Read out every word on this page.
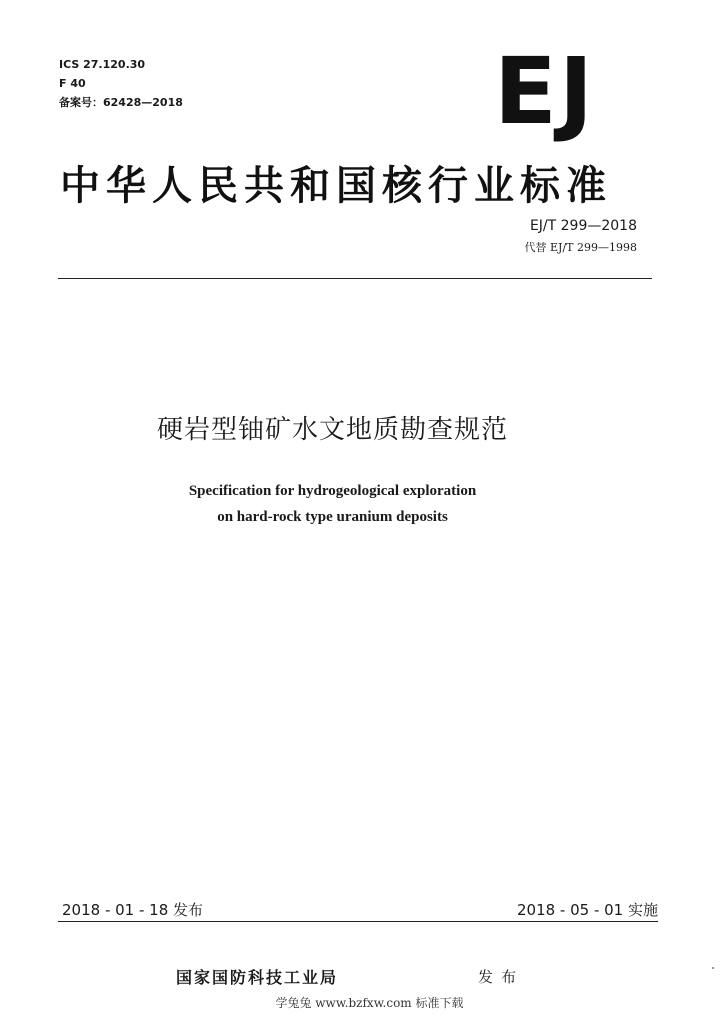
ICS 27.120.30
F 40
备案号：62428—2018	EJ
中华人民共和国核行业标准
EJ/T 299—2018
代替 EJ/T 299—1998
硬岩型铀矿水文地质勘查规范
Specification for hydrogeological exploration
on hard-rock type uranium deposits
2018 - 01 - 18 发布	2018 - 05 - 01 实施
国家国防科技工业局	发布
学兔兔 www.bzfxw.com 标准下载
